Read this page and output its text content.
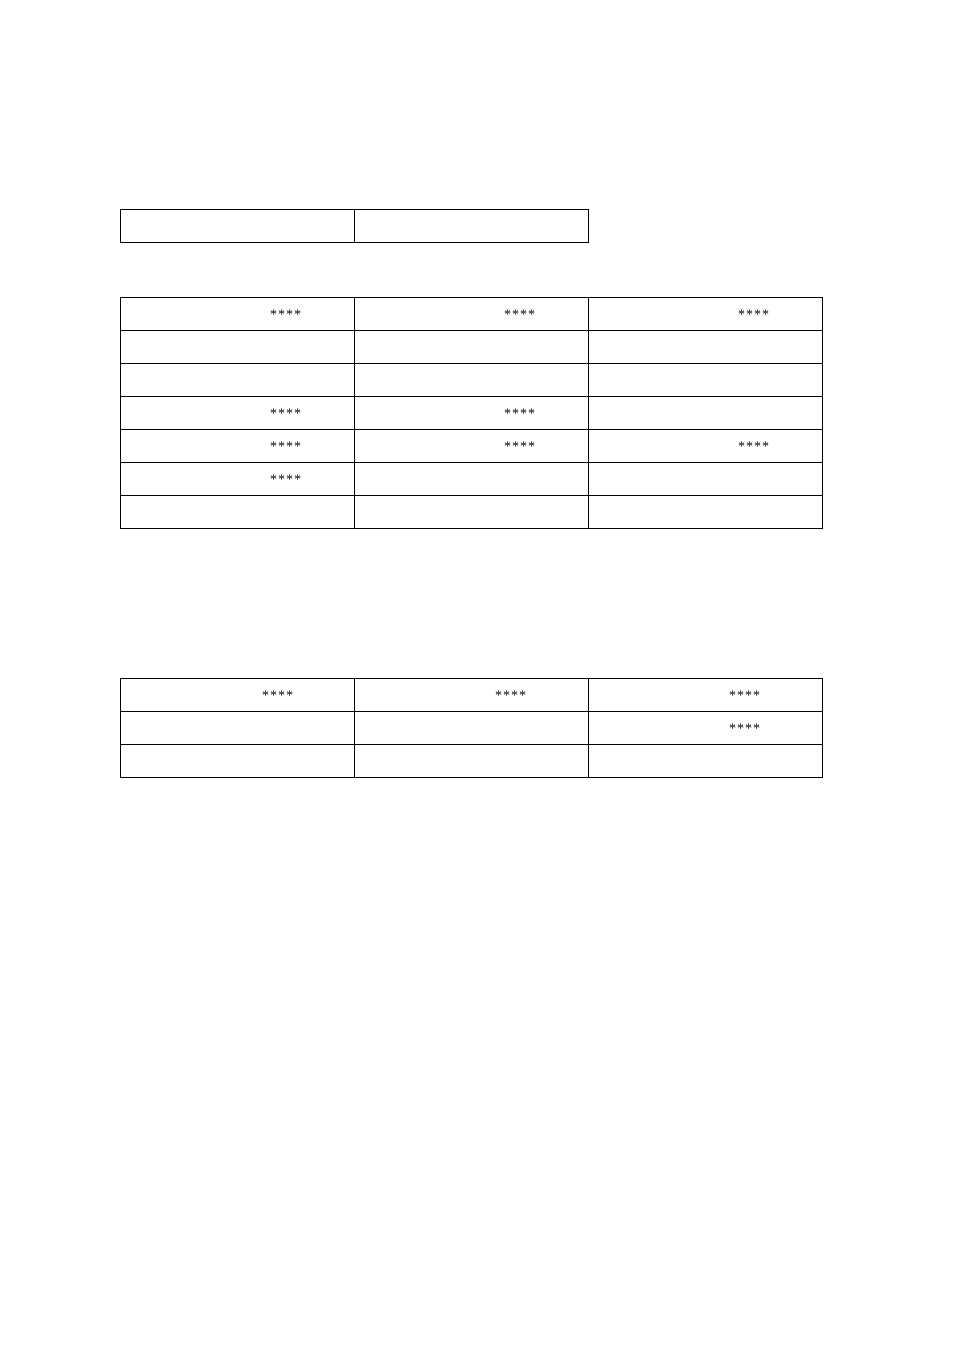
****	****	****

****	****	

****	****	****

****		

****	****	****

		****
